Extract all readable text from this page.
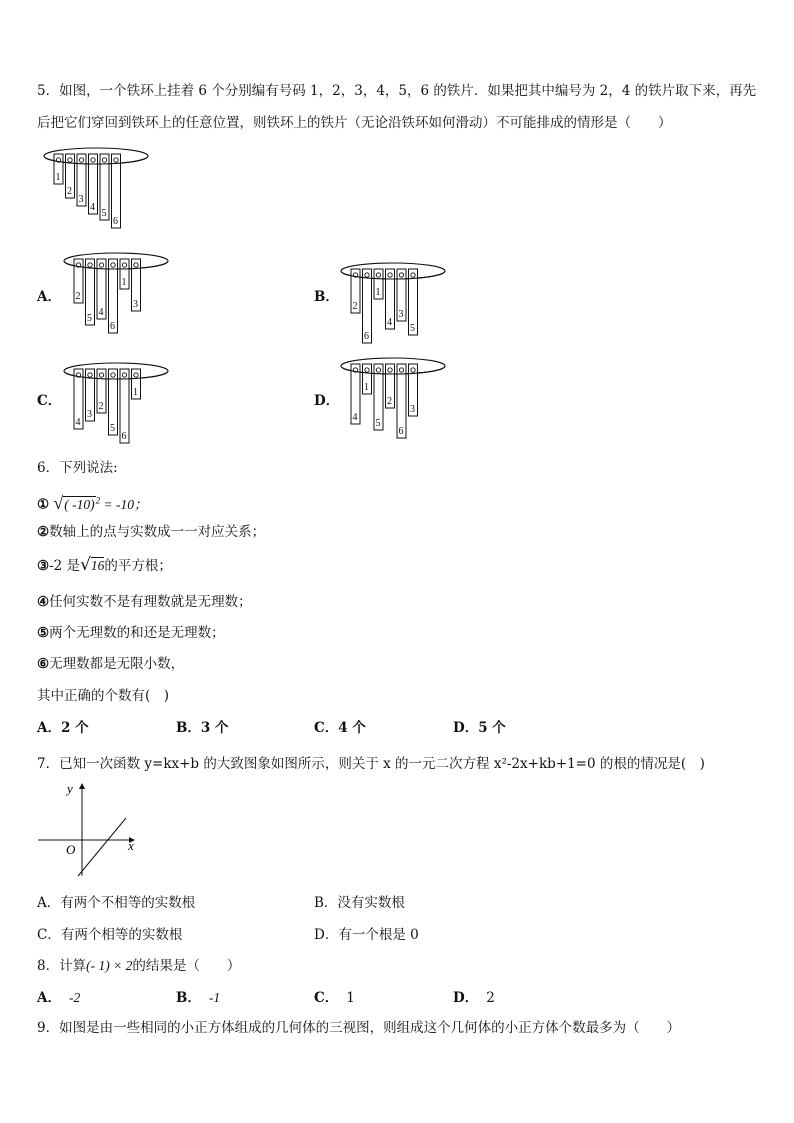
5．如图，一个铁环上挂着 6 个分别编有号码 1，2，3，4，5，6 的铁片．如果把其中编号为 2，4 的铁片取下来，再先
后把它们穿回到铁环上的任意位置，则铁环上的铁片（无论沿铁环如何滑动）不可能排成的情形是（　　）
1
2
3
4
5
6
A． 2
5
4
6
1
3	B．
2
6
1
4
3
5
C．
4
3
2
5
6
1
D．
4
1
5
2
6
3
6．下列说法:
① √( -10)$^2$ = -10；
②数轴上的点与实数成一一对应关系；
③-2 是√16的平方根；
④任何实数不是有理数就是无理数；
⑤两个无理数的和还是无理数；
⑥无理数都是无限小数，
其中正确的个数有(　)
A．2 个	B．3 个	C．4 个	D．5 个
7．已知一次函数 y=kx+b 的大致图象如图所示，则关于 x 的一元二次方程 x²-2x+kb+1=0 的根的情况是(　)
x
y
O
A．有两个不相等的实数根	B．没有实数根
C．有两个相等的实数根	D．有一个根是 0
8．计算(- 1) × 2的结果是（　　）
A． -2	B． -1	C． 1	D． 2
9．如图是由一些相同的小正方体组成的几何体的三视图，则组成这个几何体的小正方体个数最多为（　　）
